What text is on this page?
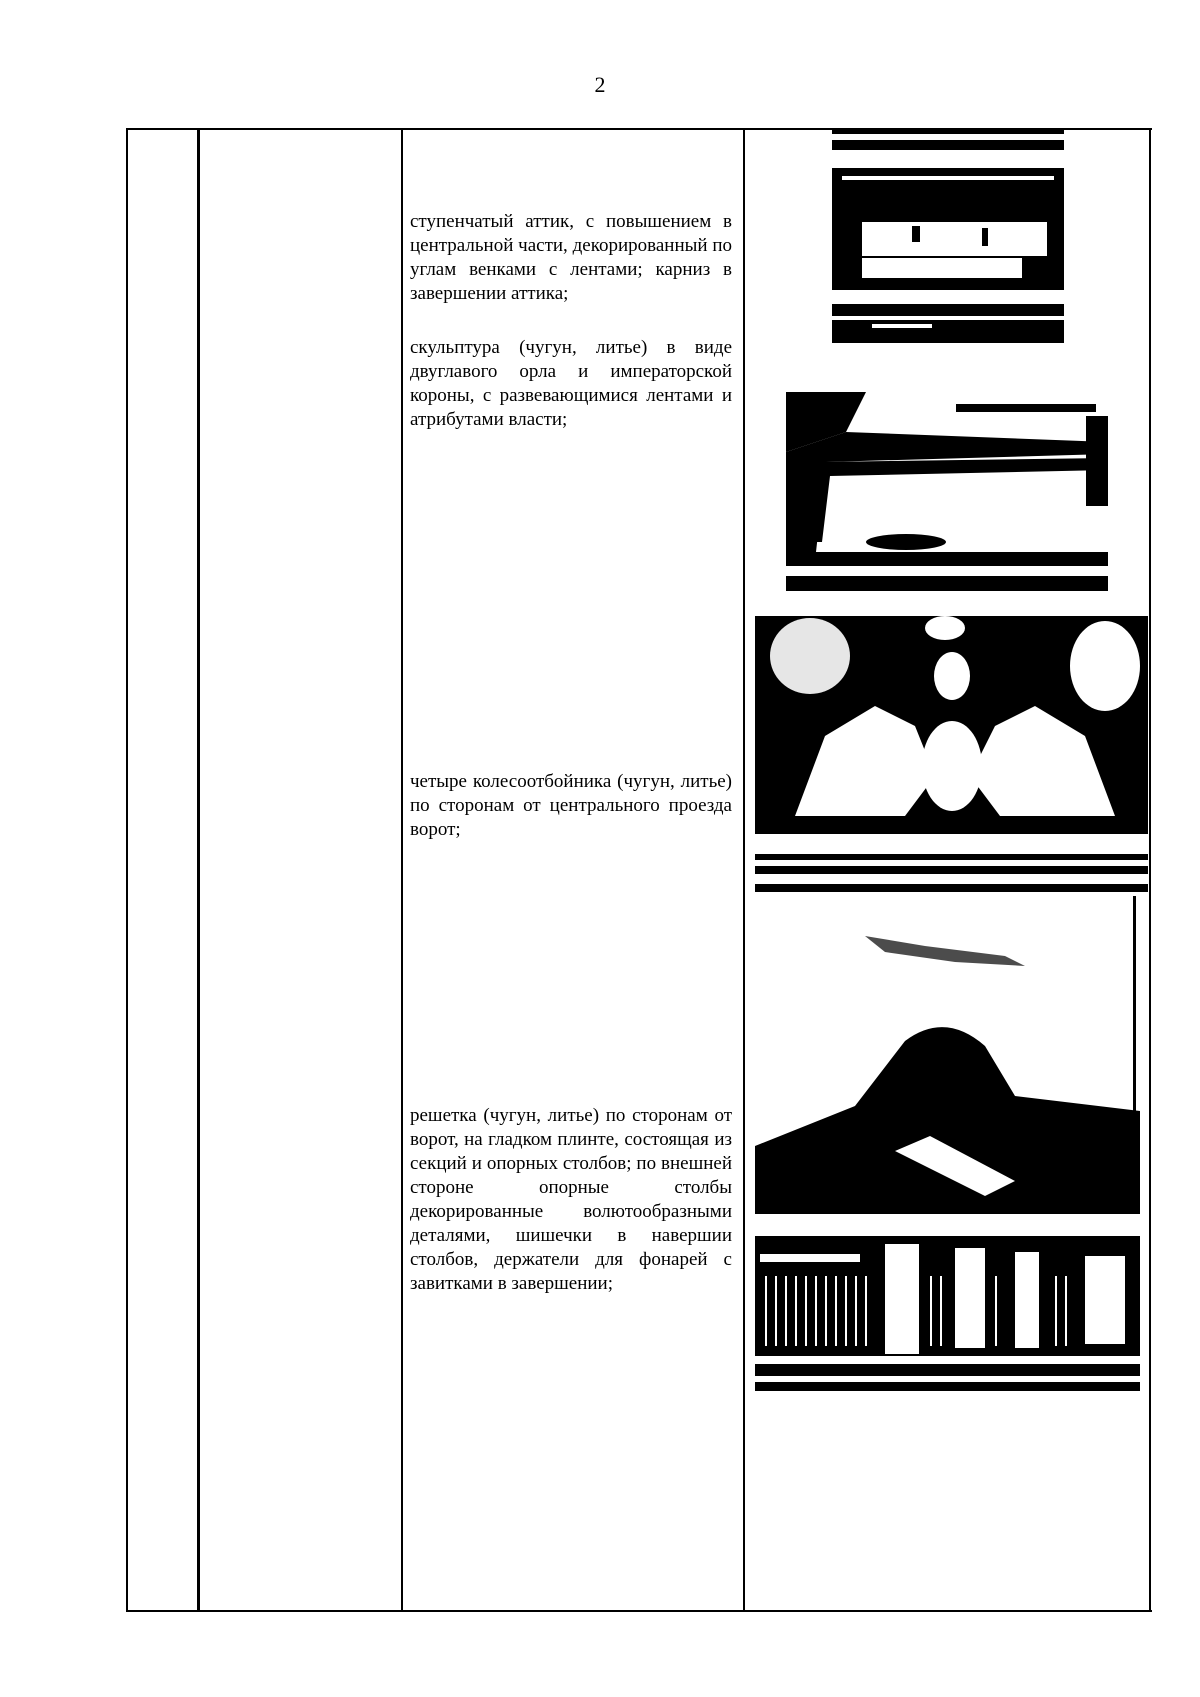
2
ступенчатый аттик, с повышением в центральной части, декорированный по углам венками с лентами; карниз в завершении аттика;
скульптура (чугун, литье) в виде двуглавого орла и императорской короны, с развевающимися лентами и атрибутами власти;
четыре колесоотбойника (чугун, литье) по сторонам от центрального проезда ворот;
решетка (чугун, литье) по сторонам от ворот, на гладком плинте, состоящая из секций и опорных столбов; по внешней стороне опорные столбы декорированные волютообразными деталями, шишечки в навершии столбов, держатели для фонарей с завитками в завершении;
